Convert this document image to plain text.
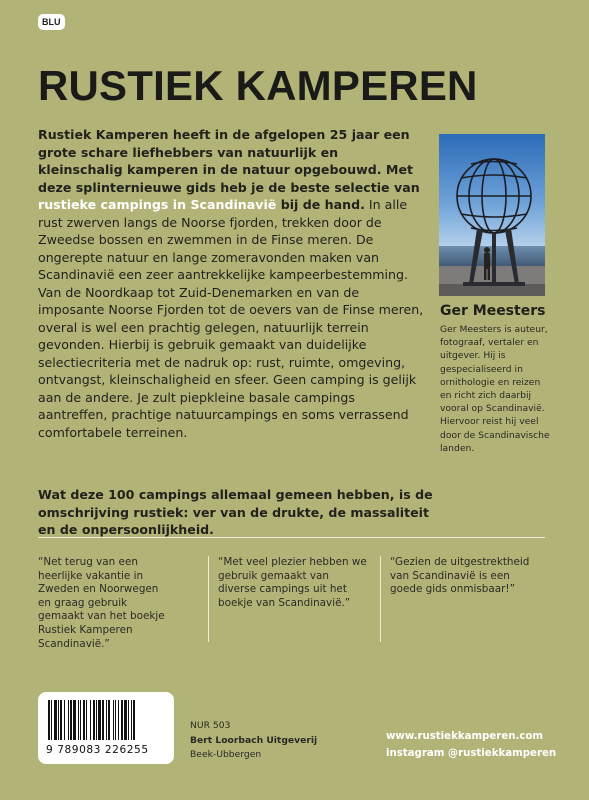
BLU
RUSTIEK KAMPEREN

Rustiek Kamperen heeft in de afgelopen 25 jaar een grote schare liefhebbers van natuurlijk en kleinschalig kamperen in de natuur opgebouwd. Met deze splinternieuwe gids heb je de beste selectie van rustieke campings in Scandinavië bij de hand. In alle rust zwerven langs de Noorse fjorden, trekken door de Zweedse bossen en zwemmen in de Finse meren. De ongerepte natuur en lange zomeravonden maken van Scandinavië een zeer aantrekkelijke kampeerbestemming. Van de Noordkaap tot Zuid-Denemarken en van de imposante Noorse Fjorden tot de oevers van de Finse meren, overal is wel een prachtig gelegen, natuurlijk terrein gevonden. Hierbij is gebruik gemaakt van duidelijke selectiecriteria met de nadruk op: rust, ruimte, omgeving, ontvangst, kleinschaligheid en sfeer. Geen camping is gelijk aan de andere. Je zult piepkleine basale campings aantreffen, prachtige natuurcampings en soms verrassend comfortabele terreinen.

Wat deze 100 campings allemaal gemeen hebben, is de omschrijving rustiek: ver van de drukte, de massaliteit en de onpersoonlijkheid.

Ger Meesters

Ger Meesters is auteur, fotograaf, vertaler en uitgever. Hij is gespecialiseerd in ornithologie en reizen en richt zich daarbij vooral op Scandinavië. Hiervoor reist hij veel door de Scandinavische landen.

“Net terug van een heerlijke vakantie in Zweden en Noorwegen en graag gebruik gemaakt van het boekje Rustiek Kamperen Scandinavië.”

“Met veel plezier hebben we gebruik gemaakt van diverse campings uit het boekje van Scandinavië.”

“Gezien de uitgestrektheid van Scandinavië is een goede gids onmisbaar!”

9 789083 226255

NUR 503
Bert Loorbach Uitgeverij
Beek-Ubbergen

www.rustiekkamperen.com
instagram @rustiekkamperen
